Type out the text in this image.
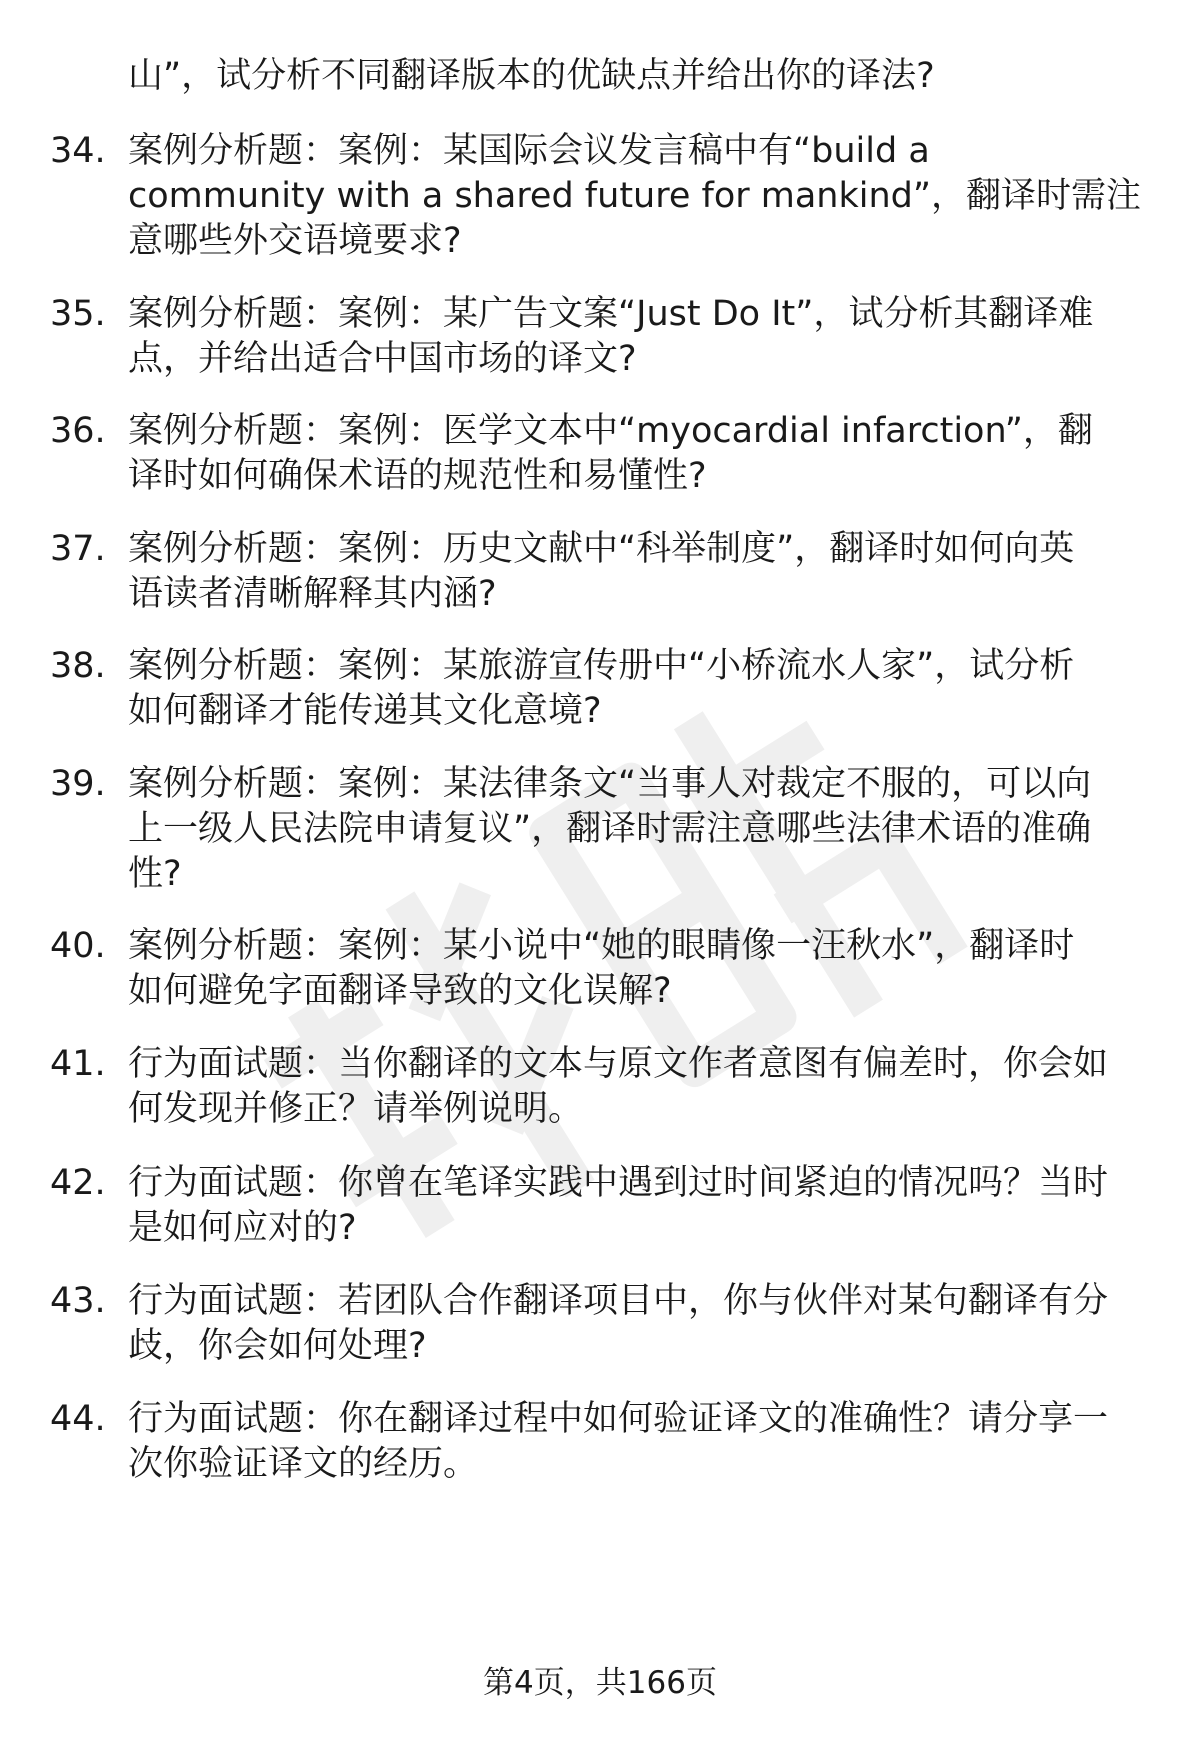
山”，试分析不同翻译版本的优缺点并给出你的译法?
34. 案例分析题：案例：某国际会议发言稿中有“build a
community with a shared future for mankind”，翻译时需注
意哪些外交语境要求?
35. 案例分析题：案例：某广告文案“Just Do It”，试分析其翻译难
点，并给出适合中国市场的译文?
36. 案例分析题：案例：医学文本中“myocardial infarction”，翻
译时如何确保术语的规范性和易懂性?
37. 案例分析题：案例：历史文献中“科举制度”，翻译时如何向英
语读者清晰解释其内涵?
38. 案例分析题：案例：某旅游宣传册中“小桥流水人家”，试分析
如何翻译才能传递其文化意境?
39. 案例分析题：案例：某法律条文“当事人对裁定不服的，可以向
上一级人民法院申请复议”，翻译时需注意哪些法律术语的准确
性?
40. 案例分析题：案例：某小说中“她的眼睛像一汪秋水”，翻译时
如何避免字面翻译导致的文化误解?
41. 行为面试题：当你翻译的文本与原文作者意图有偏差时，你会如
何发现并修正？请举例说明。
42. 行为面试题：你曾在笔译实践中遇到过时间紧迫的情况吗？当时
是如何应对的?
43. 行为面试题：若团队合作翻译项目中，你与伙伴对某句翻译有分
歧，你会如何处理?
44. 行为面试题：你在翻译过程中如何验证译文的准确性？请分享一
次你验证译文的经历。
第4页，共166页
